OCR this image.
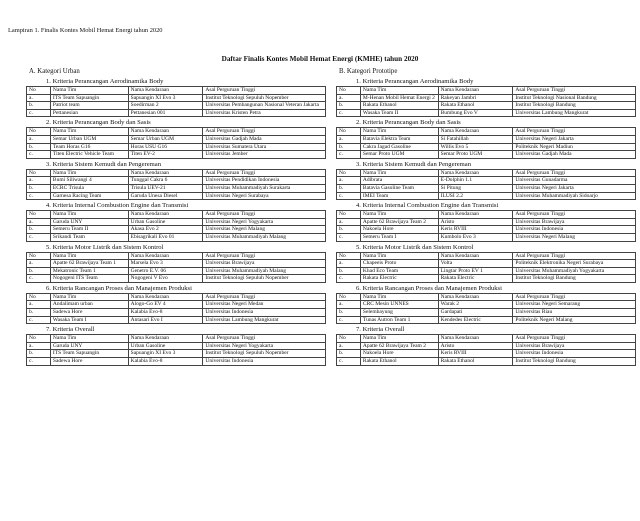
Lampiran 1. Finalis Kontes Mobil Hemat Energi tahun 2020
Daftar Finalis Kontes Mobil Hemat Energi (KMHE) tahun 2020
A. Kategori Urban
1. Kriteria Perancangan Aerodinamika Body
No	Nama Tim	Nama Kendaraan	Asal Perguruan Tinggi
a.	ITS Team Sapuangin	Sapuangin XI Evo 3	Institut Teknologi Sepuluh Nopember
b.	Patriot team	Soedirman 2	Universitas Pembangunan Nasional Veteran Jakarta
c.	Pettanesian	Pettanesian 001	Universitas Kristen Petra
2. Kriteria Perancangan Body dan Sasis
No	Nama Tim	Nama Kendaraan	Asal Perguruan Tinggi
a.	Semar Urban UGM	Semar Urban UGM	Universitas Gadjah Mada
b.	Team Horas G16	Horas USU G16	Universitas Sumatera Utara
c.	Titen Electric Vehicle Team	Titen EV-2	Universitas Jember
3. Kriteria Sistem Kemudi dan Pengereman
No	Nama Tim	Nama Kendaraan	Asal Perguruan Tinggi
a.	Bumi Siliwangi 4	Tunggal Cakra 6	Universitas Pendidikan Indonesia
b.	ECRC Trisula	Trisula UEV-21	Universitas Muhammadiyah Surakarta
c.	Garnesa Racing Team	Garuda Unesa Diesel	Universitas Negeri Surabaya
4. Kriteria Internal Combustion Engine dan Transmisi
No	Nama Tim	Nama Kendaraan	Asal Perguruan Tinggi
a.	Garuda UNY	Urban Gasoline	Universitas Negeri Yogyakarta
b.	Semeru Team II	Akasa Evo 2	Universitas Negeri Malang
c.	Srikandi Team	Ebisagrikali Evo 01	Universitas Muhammadiyah Malang
5. Kriteria Motor Listrik dan Sistem Kontrol
No	Nama Tim	Nama Kendaraan	Asal Perguruan Tinggi
a.	Apatte 62 Brawijaya Team 1	Marsela Evo 3	Universitas Brawijaya
b.	Mekatronic Team 1	Genetro E.V. 06	Universitas Muhammadiyah Malang
c.	Nogogeni ITS Team	Nogogeni V Evo	Institut Teknologi Sepuluh Nopember
6. Kriteria Rancangan Proses dan Manajemen Produksi
No	Nama Tim	Nama Kendaraan	Asal Perguruan Tinggi
a.	Andalimam urban	Alogo-Go EV 4	Universitas Negeri Medan
b.	Sadewa Hore	Kalabia Evo-8	Universitas Indonesia
c.	Wasaka Team I	Antasari Evo I	Universitas Lambung Mangkurat
7. Kriteria Overall
No	Nama Tim	Nama Kendaraan	Asal Perguruan Tinggi
a.	Garuda UNY	Urban Gasoline	Universitas Negeri Yogyakarta
b.	ITS Team Sapuangin	Sapuangin XI Evo 3	Institut Teknologi Sepuluh Nopember
c.	Sadewa Hore	Kalabia Evo-8	Universitas Indonesia
B. Kategori Prototipe
1. Kriteria Perancangan Aerodinamika Body
No	Nama Tim	Nama Kendaraan	Asal Perguruan Tinggi
a.	M-Henan Mobil Hemat Energi 2	Rakeyan Jambri	Institut Teknologi Nasional Bandung
b.	Rakata Ethanol	Rakata Ethanol	Institut Teknologi Bandung
c.	Wasaka Team II	Bumbung Evo V	Universitas Lambung Mangkurat
2. Kriteria Perancangan Body dan Sasis
No	Nama Tim	Nama Kendaraan	Asal Perguruan Tinggi
a.	Batavia Elektra Team	Si Fatahillah	Universitas Negeri Jakarta
b.	Cakra Jagad Gasoline	Willis Evo 5	Politeknik Negeri Madiun
c.	Semar Proto UGM	Semar Proto UGM	Universitas Gadjah Mada
3. Kriteria Sistem Kemudi dan Pengereman
No	Nama Tim	Nama Kendaraan	Asal Perguruan Tinggi
a.	Adibrata	E-Dolphin 1.1	Universitas Gunadarma
b.	Batavia Gasoline Team	Si Pitung	Universitas Negeri Jakarta
c.	IMEI Team	ILUSI 2.2	Universitas Muhammadiyah Sidoarjo
4. Kriteria Internal Combustion Engine dan Transmisi
No	Nama Tim	Nama Kendaraan	Asal Perguruan Tinggi
a.	Apatte 62 Brawijaya Team 2	Aristo	Universitas Brawijaya
b.	Nakoela Hore	Keris RVIII	Universitas Indonesia
c.	Semeru Team I	Kumbolo Evo 3	Universitas Negeri Malang
5. Kriteria Motor Listrik dan Sistem Kontrol
No	Nama Tim	Nama Kendaraan	Asal Perguruan Tinggi
a.	Chapeeis Proto	Volta	Politeknik Elektronika Negeri Surabaya
b.	Khad Eco Team	Lingtar Proto EV 1	Universitas Muhammadiyah Yogyakarta
c.	Rakata Electric	Rakata Electric	Institut Teknologi Bandung
6. Kriteria Rancangan Proses dan Manajemen Produksi
No	Nama Tim	Nama Kendaraan	Asal Perguruan Tinggi
a.	CRC Mesin UNNES	Warak 2	Universitas Negeri Semarang
b.	Selembayung	Gardapati	Universitas Riau
c.	Tunas Autron Team 1	Kendedes Electric	Politeknik Negeri Malang
7. Kriteria Overall
No	Nama Tim	Nama Kendaraan	Asal Perguruan Tinggi
a.	Apatte 62 Brawijaya Team 2	Aristo	Universitas Brawijaya
b.	Nakoela Hore	Keris RVIII	Universitas Indonesia
c.	Rakata Ethanol	Rakata Ethanol	Institut Teknologi Bandung
